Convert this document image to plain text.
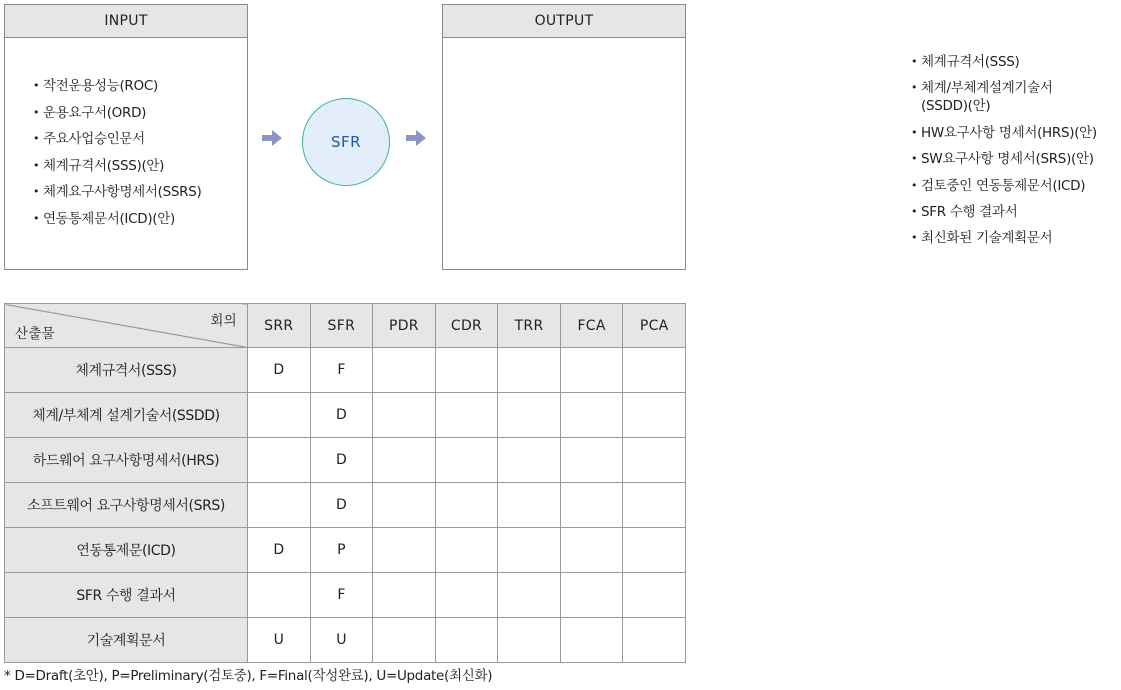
INPUT
• 작전운용성능(ROC)
• 운용요구서(ORD)
• 주요사업승인문서
• 체계규격서(SSS)(안)
• 체계요구사항명세서(SSRS)
• 연동통제문서(ICD)(안)
SFR
OUTPUT
• 체계규격서(SSS)
• 체계/부체계설계기술서
(SSDD)(안)
• HW요구사항 명세서(HRS)(안)
• SW요구사항 명세서(SRS)(안)
• 검토중인 연동통제문서(ICD)
• SFR 수행 결과서
• 최신화된 기술계획문서
회의
산출물	SRR	SFR	PDR	CDR	TRR	FCA	PCA
체계규격서(SSS)	D	F					
체계/부체계 설계기술서(SSDD)		D					
하드웨어 요구사항명세서(HRS)		D					
소프트웨어 요구사항명세서(SRS)		D					
연동통제문(ICD)	D	P					
SFR 수행 결과서		F					
기술계획문서	U	U					
* D=Draft(초안), P=Preliminary(검토중), F=Final(작성완료), U=Update(최신화)
